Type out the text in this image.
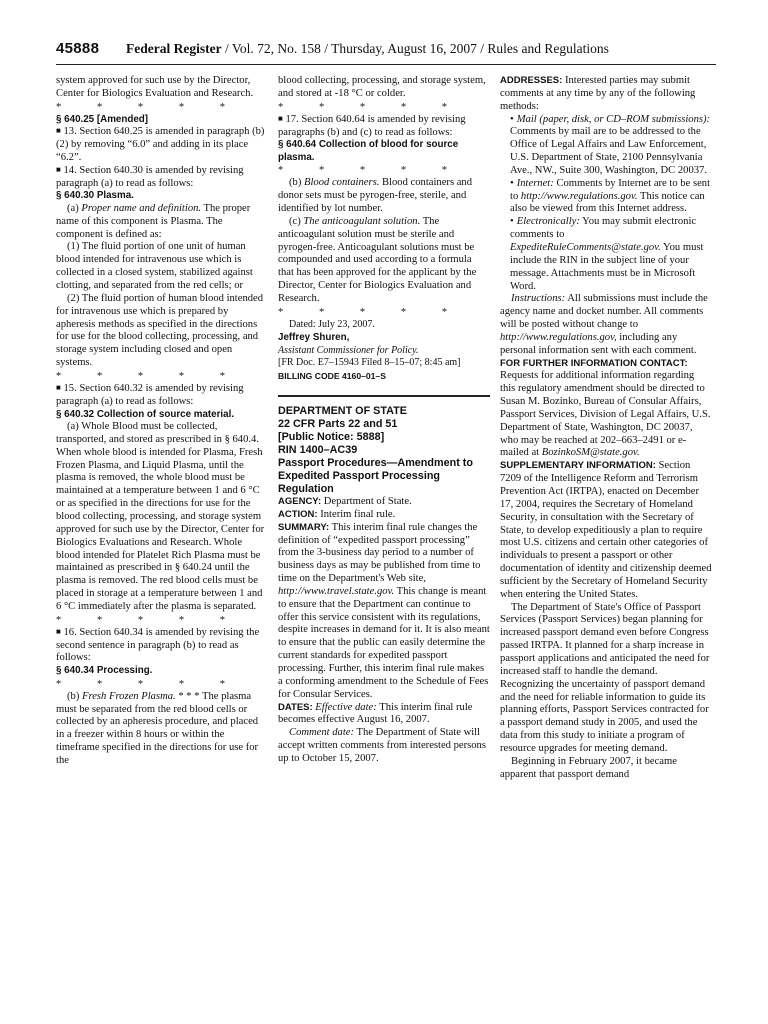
45888 Federal Register / Vol. 72, No. 158 / Thursday, August 16, 2007 / Rules and Regulations

system approved for such use by the Director, Center for Biologics Evaluation and Research.

* * * * *

§ 640.25 [Amended]

■ 13. Section 640.25 is amended in paragraph (b)(2) by removing “6.0” and adding in its place “6.2”.

■ 14. Section 640.30 is amended by revising paragraph (a) to read as follows:

§ 640.30 Plasma.

(a) Proper name and definition. The proper name of this component is Plasma. The component is defined as:

(1) The fluid portion of one unit of human blood intended for intravenous use which is collected in a closed system, stabilized against clotting, and separated from the red cells; or

(2) The fluid portion of human blood intended for intravenous use which is prepared by apheresis methods as specified in the directions for use for the blood collecting, processing, and storage system including closed and open systems.

* * * * *

■ 15. Section 640.32 is amended by revising paragraph (a) to read as follows:

§ 640.32 Collection of source material.

(a) Whole Blood must be collected, transported, and stored as prescribed in § 640.4. When whole blood is intended for Plasma, Fresh Frozen Plasma, and Liquid Plasma, until the plasma is removed, the whole blood must be maintained at a temperature between 1 and 6 °C or as specified in the directions for use for the blood collecting, processing, and storage system approved for such use by the Director, Center for Biologics Evaluations and Research. Whole blood intended for Platelet Rich Plasma must be maintained as prescribed in § 640.24 until the plasma is removed. The red blood cells must be placed in storage at a temperature between 1 and 6 °C immediately after the plasma is separated.

* * * * *

■ 16. Section 640.34 is amended by revising the second sentence in paragraph (b) to read as follows:

§ 640.34 Processing.

* * * * *

(b) Fresh Frozen Plasma. * * * The plasma must be separated from the red blood cells or collected by an apheresis procedure, and placed in a freezer within 8 hours or within the timeframe specified in the directions for use for the

blood collecting, processing, and storage system, and stored at -18 °C or colder.

* * * * *

■ 17. Section 640.64 is amended by revising paragraphs (b) and (c) to read as follows:

§ 640.64 Collection of blood for source plasma.

* * * * *

(b) Blood containers. Blood containers and donor sets must be pyrogen-free, sterile, and identified by lot number.

(c) The anticoagulant solution. The anticoagulant solution must be sterile and pyrogen-free. Anticoagulant solutions must be compounded and used according to a formula that has been approved for the applicant by the Director, Center for Biologics Evaluation and Research.

* * * * *

Dated: July 23, 2007.

Jeffrey Shuren,

Assistant Commissioner for Policy.

[FR Doc. E7–15943 Filed 8–15–07; 8:45 am]

BILLING CODE 4160–01–S

DEPARTMENT OF STATE

22 CFR Parts 22 and 51

[Public Notice: 5888]

RIN 1400–AC39

Passport Procedures—Amendment to Expedited Passport Processing Regulation

AGENCY: Department of State.

ACTION: Interim final rule.

SUMMARY: This interim final rule changes the definition of “expedited passport processing” from the 3-business day period to a number of business days as may be published from time to time on the Department's Web site, http://www.travel.state.gov. This change is meant to ensure that the Department can continue to offer this service consistent with its regulations, despite increases in demand for it. It is also meant to ensure that the public can easily determine the current standards for expedited passport processing. Further, this interim final rule makes a conforming amendment to the Schedule of Fees for Consular Services.

DATES: Effective date: This interim final rule becomes effective August 16, 2007.

Comment date: The Department of State will accept written comments from interested persons up to October 15, 2007.

ADDRESSES: Interested parties may submit comments at any time by any of the following methods:

• Mail (paper, disk, or CD–ROM submissions): Comments by mail are to be addressed to the Office of Legal Affairs and Law Enforcement, U.S. Department of State, 2100 Pennsylvania Ave., NW., Suite 300, Washington, DC 20037.

• Internet: Comments by Internet are to be sent to http://www.regulations.gov. This notice can also be viewed from this Internet address.

• Electronically: You may submit electronic comments to ExpediteRuleComments@state.gov. You must include the RIN in the subject line of your message. Attachments must be in Microsoft Word.

Instructions: All submissions must include the agency name and docket number. All comments will be posted without change to http://www.regulations.gov, including any personal information sent with each comment.

FOR FURTHER INFORMATION CONTACT: Requests for additional information regarding this regulatory amendment should be directed to Susan M. Bozinko, Bureau of Consular Affairs, Passport Services, Division of Legal Affairs, U.S. Department of State, Washington, DC 20037, who may be reached at 202–663–2491 or e-mailed at BozinkoSM@state.gov.

SUPPLEMENTARY INFORMATION: Section 7209 of the Intelligence Reform and Terrorism Prevention Act (IRTPA), enacted on December 17, 2004, requires the Secretary of Homeland Security, in consultation with the Secretary of State, to develop expeditiously a plan to require most U.S. citizens and certain other categories of individuals to present a passport or other documentation of identity and citizenship deemed sufficient by the Secretary of Homeland Security when entering the United States.

The Department of State's Office of Passport Services (Passport Services) began planning for increased passport demand even before Congress passed IRTPA. It planned for a sharp increase in passport applications and anticipated the need for increased staff to handle the demand. Recognizing the uncertainty of passport demand and the need for reliable information to guide its planning efforts, Passport Services contracted for a passport demand study in 2005, and used the data from this study to initiate a program of resource upgrades for meeting demand.

Beginning in February 2007, it became apparent that passport demand
